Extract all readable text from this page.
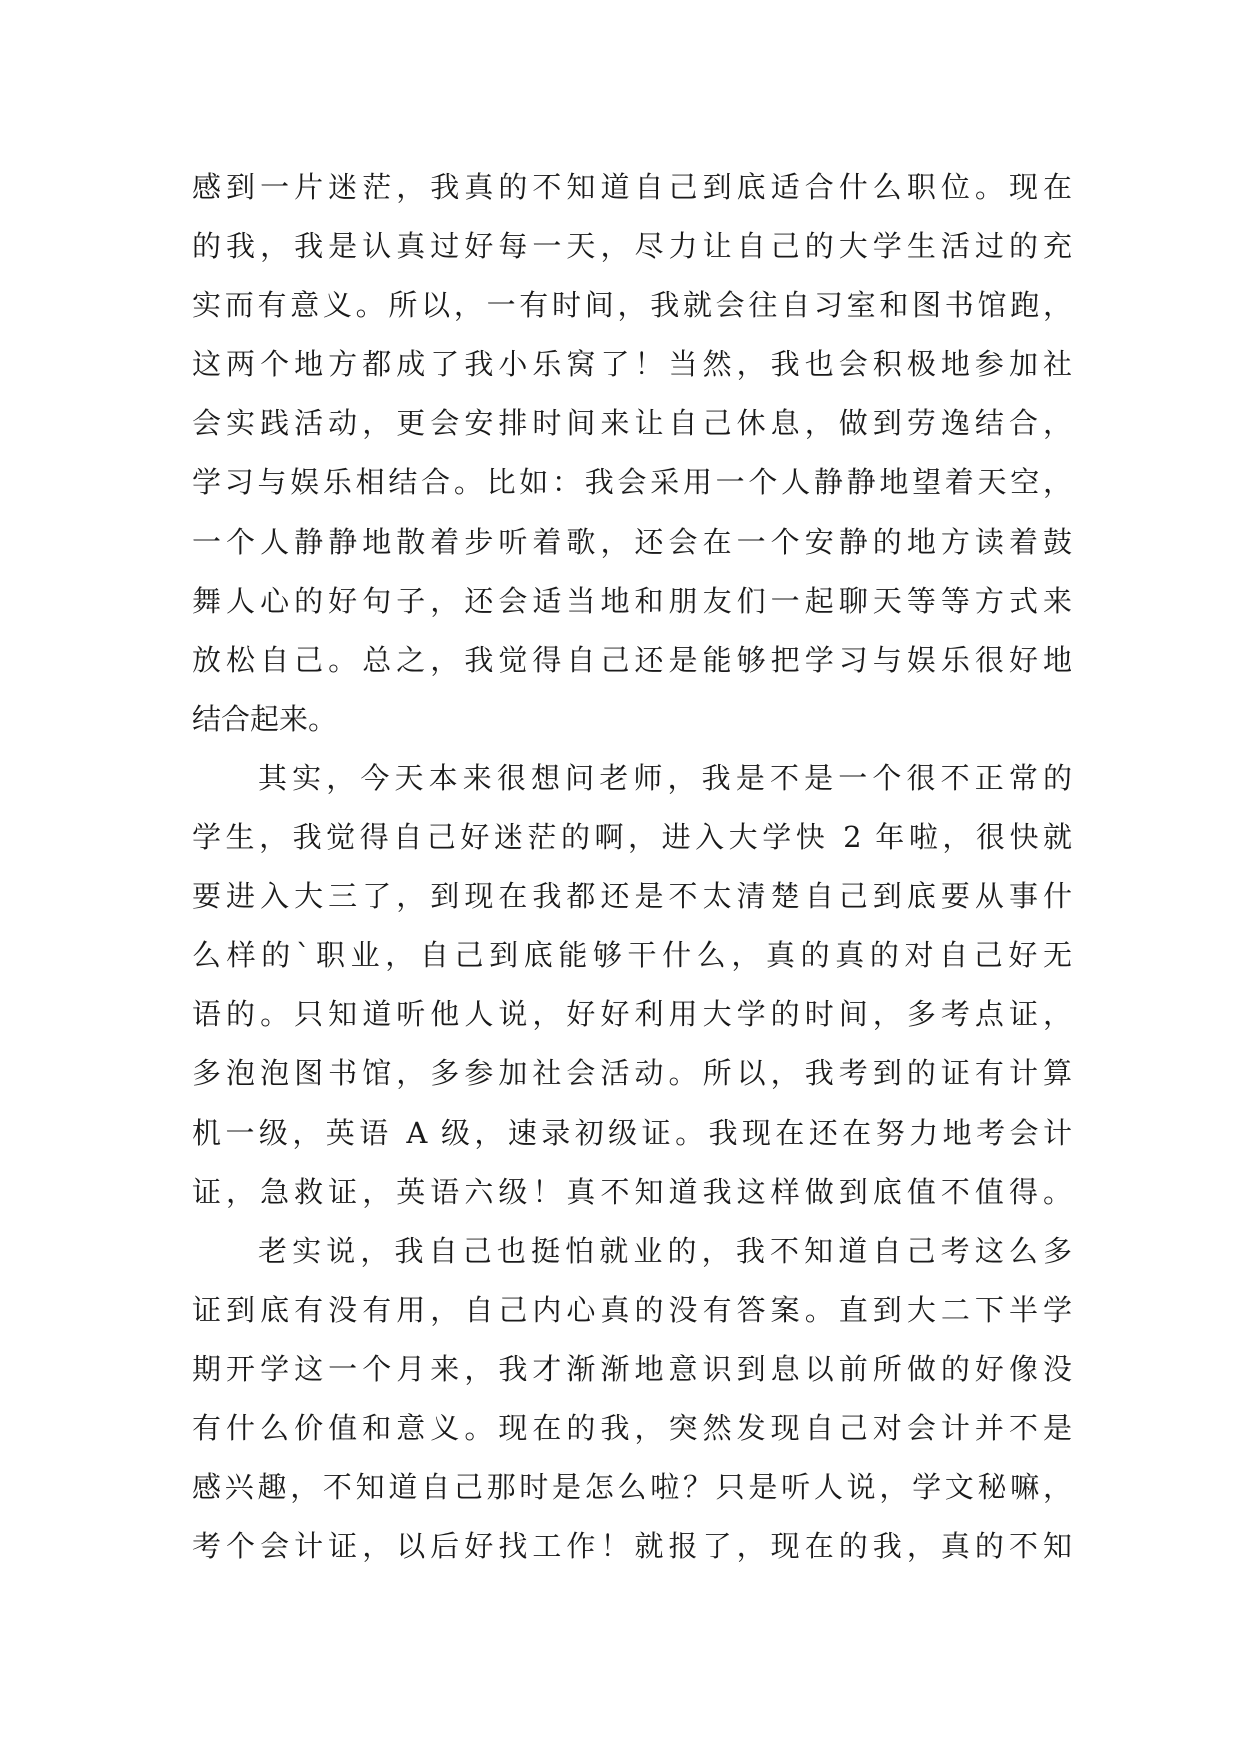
感到一片迷茫，我真的不知道自己到底适合什么职位。现在
的我，我是认真过好每一天，尽力让自己的大学生活过的充
实而有意义。所以，一有时间，我就会往自习室和图书馆跑，
这两个地方都成了我小乐窝了！当然，我也会积极地参加社
会实践活动，更会安排时间来让自己休息，做到劳逸结合，
学习与娱乐相结合。比如：我会采用一个人静静地望着天空，
一个人静静地散着步听着歌，还会在一个安静的地方读着鼓
舞人心的好句子，还会适当地和朋友们一起聊天等等方式来
放松自己。总之，我觉得自己还是能够把学习与娱乐很好地
结合起来。
其实，今天本来很想问老师，我是不是一个很不正常的
学生，我觉得自己好迷茫的啊，进入大学快 2 年啦，很快就
要进入大三了，到现在我都还是不太清楚自己到底要从事什
么样的`职业，自己到底能够干什么，真的真的对自己好无
语的。只知道听他人说，好好利用大学的时间，多考点证，
多泡泡图书馆，多参加社会活动。所以，我考到的证有计算
机一级，英语 A 级，速录初级证。我现在还在努力地考会计
证，急救证，英语六级！真不知道我这样做到底值不值得。
老实说，我自己也挺怕就业的，我不知道自己考这么多
证到底有没有用，自己内心真的没有答案。直到大二下半学
期开学这一个月来，我才渐渐地意识到息以前所做的好像没
有什么价值和意义。现在的我，突然发现自己对会计并不是
感兴趣，不知道自己那时是怎么啦？只是听人说，学文秘嘛，
考个会计证，以后好找工作！就报了，现在的我，真的不知
